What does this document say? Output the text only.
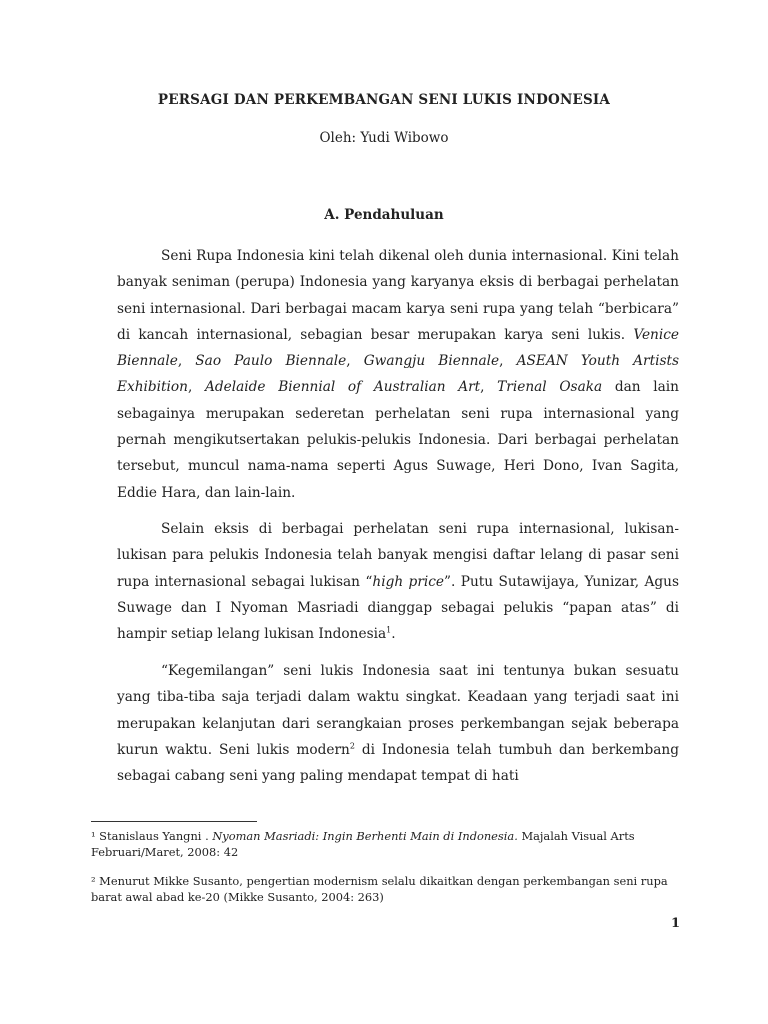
PERSAGI DAN PERKEMBANGAN SENI LUKIS INDONESIA
Oleh: Yudi Wibowo
A. Pendahuluan

Seni Rupa Indonesia kini telah dikenal oleh dunia internasional. Kini telah banyak seniman (perupa) Indonesia yang karyanya eksis di berbagai perhelatan seni internasional. Dari berbagai macam karya seni rupa yang telah “berbicara” di kancah internasional, sebagian besar merupakan karya seni lukis. Venice Biennale, Sao Paulo Biennale, Gwangju Biennale, ASEAN Youth Artists Exhibition, Adelaide Biennial of Australian Art, Trienal Osaka dan lain sebagainya merupakan sederetan perhelatan seni rupa internasional yang pernah mengikutsertakan pelukis-pelukis Indonesia. Dari berbagai perhelatan tersebut, muncul nama-nama seperti Agus Suwage, Heri Dono, Ivan Sagita, Eddie Hara, dan lain-lain.

Selain eksis di berbagai perhelatan seni rupa internasional, lukisan-lukisan para pelukis Indonesia telah banyak mengisi daftar lelang di pasar seni rupa internasional sebagai lukisan “high price”. Putu Sutawijaya, Yunizar, Agus Suwage dan I Nyoman Masriadi dianggap sebagai pelukis “papan atas” di hampir setiap lelang lukisan Indonesia$^1$.

“Kegemilangan” seni lukis Indonesia saat ini tentunya bukan sesuatu yang tiba-tiba saja terjadi dalam waktu singkat. Keadaan yang terjadi saat ini merupakan kelanjutan dari serangkaian proses perkembangan sejak beberapa kurun waktu. Seni lukis modern$^2$ di Indonesia telah tumbuh dan berkembang sebagai cabang seni yang paling mendapat tempat di hati

¹ Stanislaus Yangni . Nyoman Masriadi: Ingin Berhenti Main di Indonesia. Majalah Visual Arts Februari/Maret, 2008: 42
² Menurut Mikke Susanto, pengertian modernism selalu dikaitkan dengan perkembangan seni rupa barat awal abad ke-20 (Mikke Susanto, 2004: 263)
1
